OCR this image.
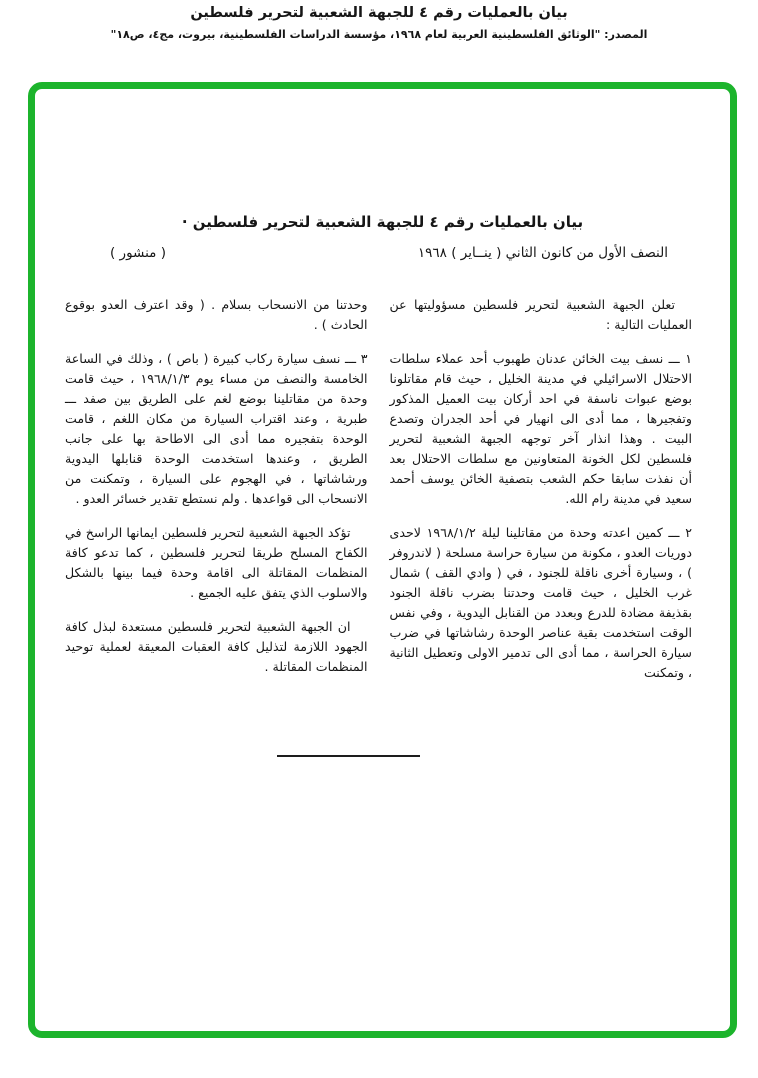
بيان بالعمليات رقم ٤ للجبهة الشعبية لتحرير فلسطين
المصدر: "الوثائق الفلسطينية العربية لعام ١٩٦٨، مؤسسة الدراسات الفلسطينية، بيروت، مج٤، ص١٨"
بيان بالعمليات رقم ٤ للجبهة الشعبية لتحرير فلسطين ·
النصف الأول من كانون الثاني ( ينــاير ) ١٩٦٨
( منشور )

تعلن الجبهة الشعبية لتحرير فلسطين مسؤوليتها عن العمليات التالية :

١ ـــ نسف بيت الخائن عدنان طهبوب أحد عملاء سلطات الاحتلال الاسرائيلي في مدينة الخليل ، حيث قام مقاتلونا بوضع عبوات ناسفة في احد أركان بيت العميل المذكور وتفجيرها ، مما أدى الى انهيار في أحد الجدران وتصدع البيت . وهذا انذار آخر توجهه الجبهة الشعبية لتحرير فلسطين لكل الخونة المتعاونين مع سلطات الاحتلال بعد أن نفذت سابقا حكم الشعب بتصفية الخائن يوسف أحمد سعيد في مدينة رام الله.

٢ ـــ كمين اعدته وحدة من مقاتلينا ليلة ١٩٦٨/١/٢ لاحدى دوريات العدو ، مكونة من سيارة حراسة مسلحة ( لاندروفر ) ، وسيارة أخرى ناقلة للجنود ، في ( وادي القف ) شمال غرب الخليل ، حيث قامت وحدتنا بضرب ناقلة الجنود بقذيفة مضادة للدرع وبعدد من القنابل اليدوية ، وفي نفس الوقت استخدمت بقية عناصر الوحدة رشاشاتها في ضرب سيارة الحراسة ، مما أدى الى تدمير الاولى وتعطيل الثانية ، وتمكنت

وحدتنا من الانسحاب بسلام . ( وقد اعترف العدو بوقوع الحادث ) .

٣ ـــ نسف سيارة ركاب كبيرة ( باص ) ، وذلك في الساعة الخامسة والنصف من مساء يوم ١٩٦٨/١/٣ ، حيث قامت وحدة من مقاتلينا بوضع لغم على الطريق بين صفد ـــ طبرية ، وعند اقتراب السيارة من مكان اللغم ، قامت الوحدة بتفجيره مما أدى الى الاطاحة بها على جانب الطريق ، وعندها استخدمت الوحدة قنابلها اليدوية ورشاشاتها ، في الهجوم على السيارة ، وتمكنت من الانسحاب الى قواعدها . ولم نستطع تقدير خسائر العدو .

تؤكد الجبهة الشعبية لتحرير فلسطين ايمانها الراسخ في الكفاح المسلح طريقا لتحرير فلسطين ، كما تدعو كافة المنظمات المقاتلة الى اقامة وحدة فيما بينها بالشكل والاسلوب الذي يتفق عليه الجميع .

ان الجبهة الشعبية لتحرير فلسطين مستعدة لبذل كافة الجهود اللازمة لتذليل كافة العقبات المعيقة لعملية توحيد المنظمات المقاتلة .
